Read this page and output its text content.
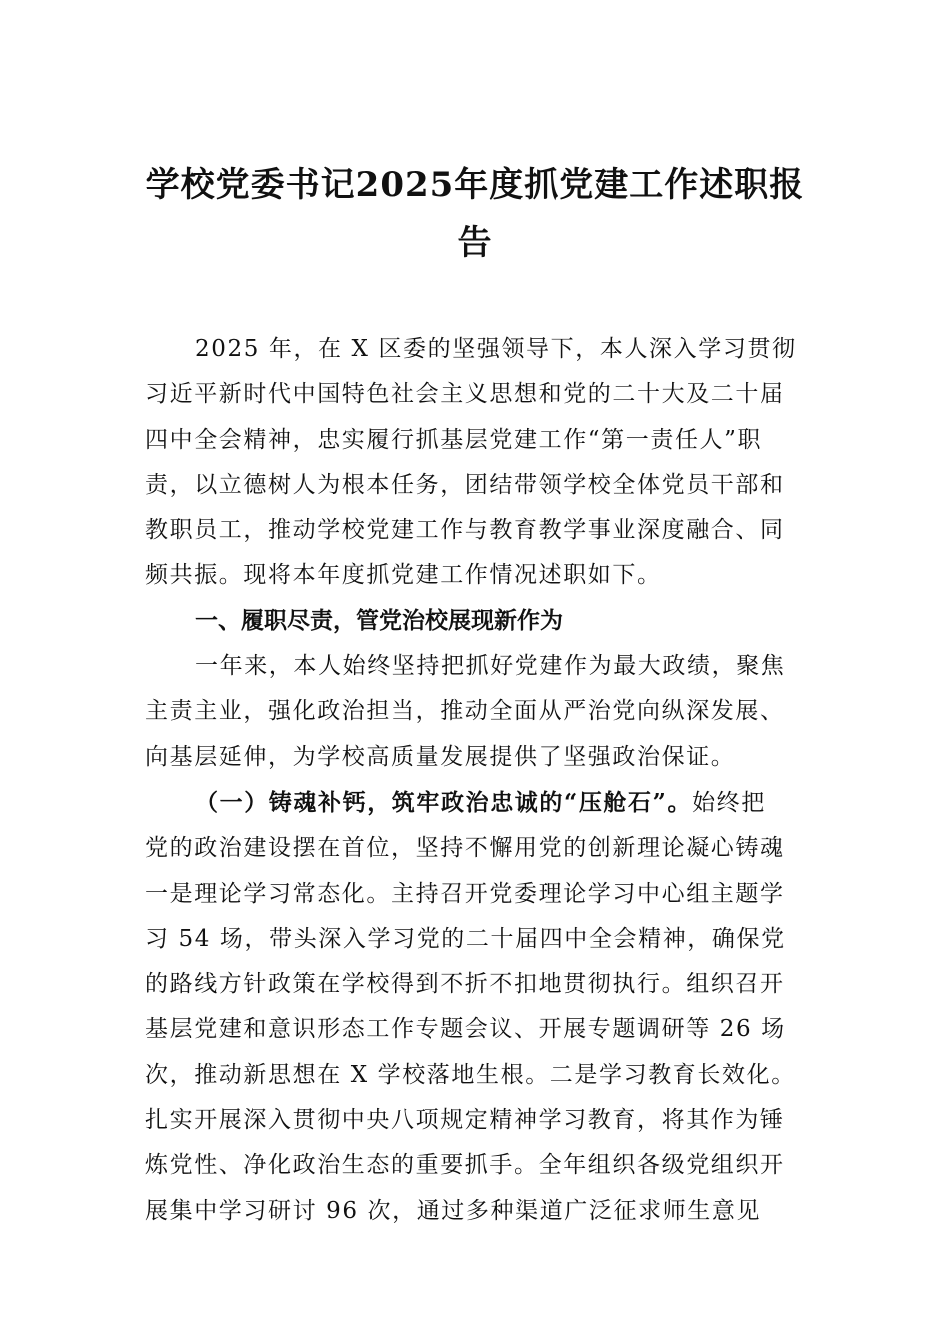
学校党委书记2025年度抓党建工作述职报
告

2025 年，在 X 区委的坚强领导下，本人深入学习贯彻
习近平新时代中国特色社会主义思想和党的二十大及二十届
四中全会精神，忠实履行抓基层党建工作“第一责任人”职
责，以立德树人为根本任务，团结带领学校全体党员干部和
教职员工，推动学校党建工作与教育教学事业深度融合、同
频共振。现将本年度抓党建工作情况述职如下。

一、履职尽责，管党治校展现新作为

一年来，本人始终坚持把抓好党建作为最大政绩，聚焦
主责主业，强化政治担当，推动全面从严治党向纵深发展、
向基层延伸，为学校高质量发展提供了坚强政治保证。

（一）铸魂补钙，筑牢政治忠诚的“压舱石”。始终把
党的政治建设摆在首位，坚持不懈用党的创新理论凝心铸魂
一是理论学习常态化。主持召开党委理论学习中心组主题学
习 54 场，带头深入学习党的二十届四中全会精神，确保党
的路线方针政策在学校得到不折不扣地贯彻执行。组织召开
基层党建和意识形态工作专题会议、开展专题调研等 26 场
次，推动新思想在 X 学校落地生根。二是学习教育长效化。
扎实开展深入贯彻中央八项规定精神学习教育，将其作为锤
炼党性、净化政治生态的重要抓手。全年组织各级党组织开
展集中学习研讨 96 次，通过多种渠道广泛征求师生意见
